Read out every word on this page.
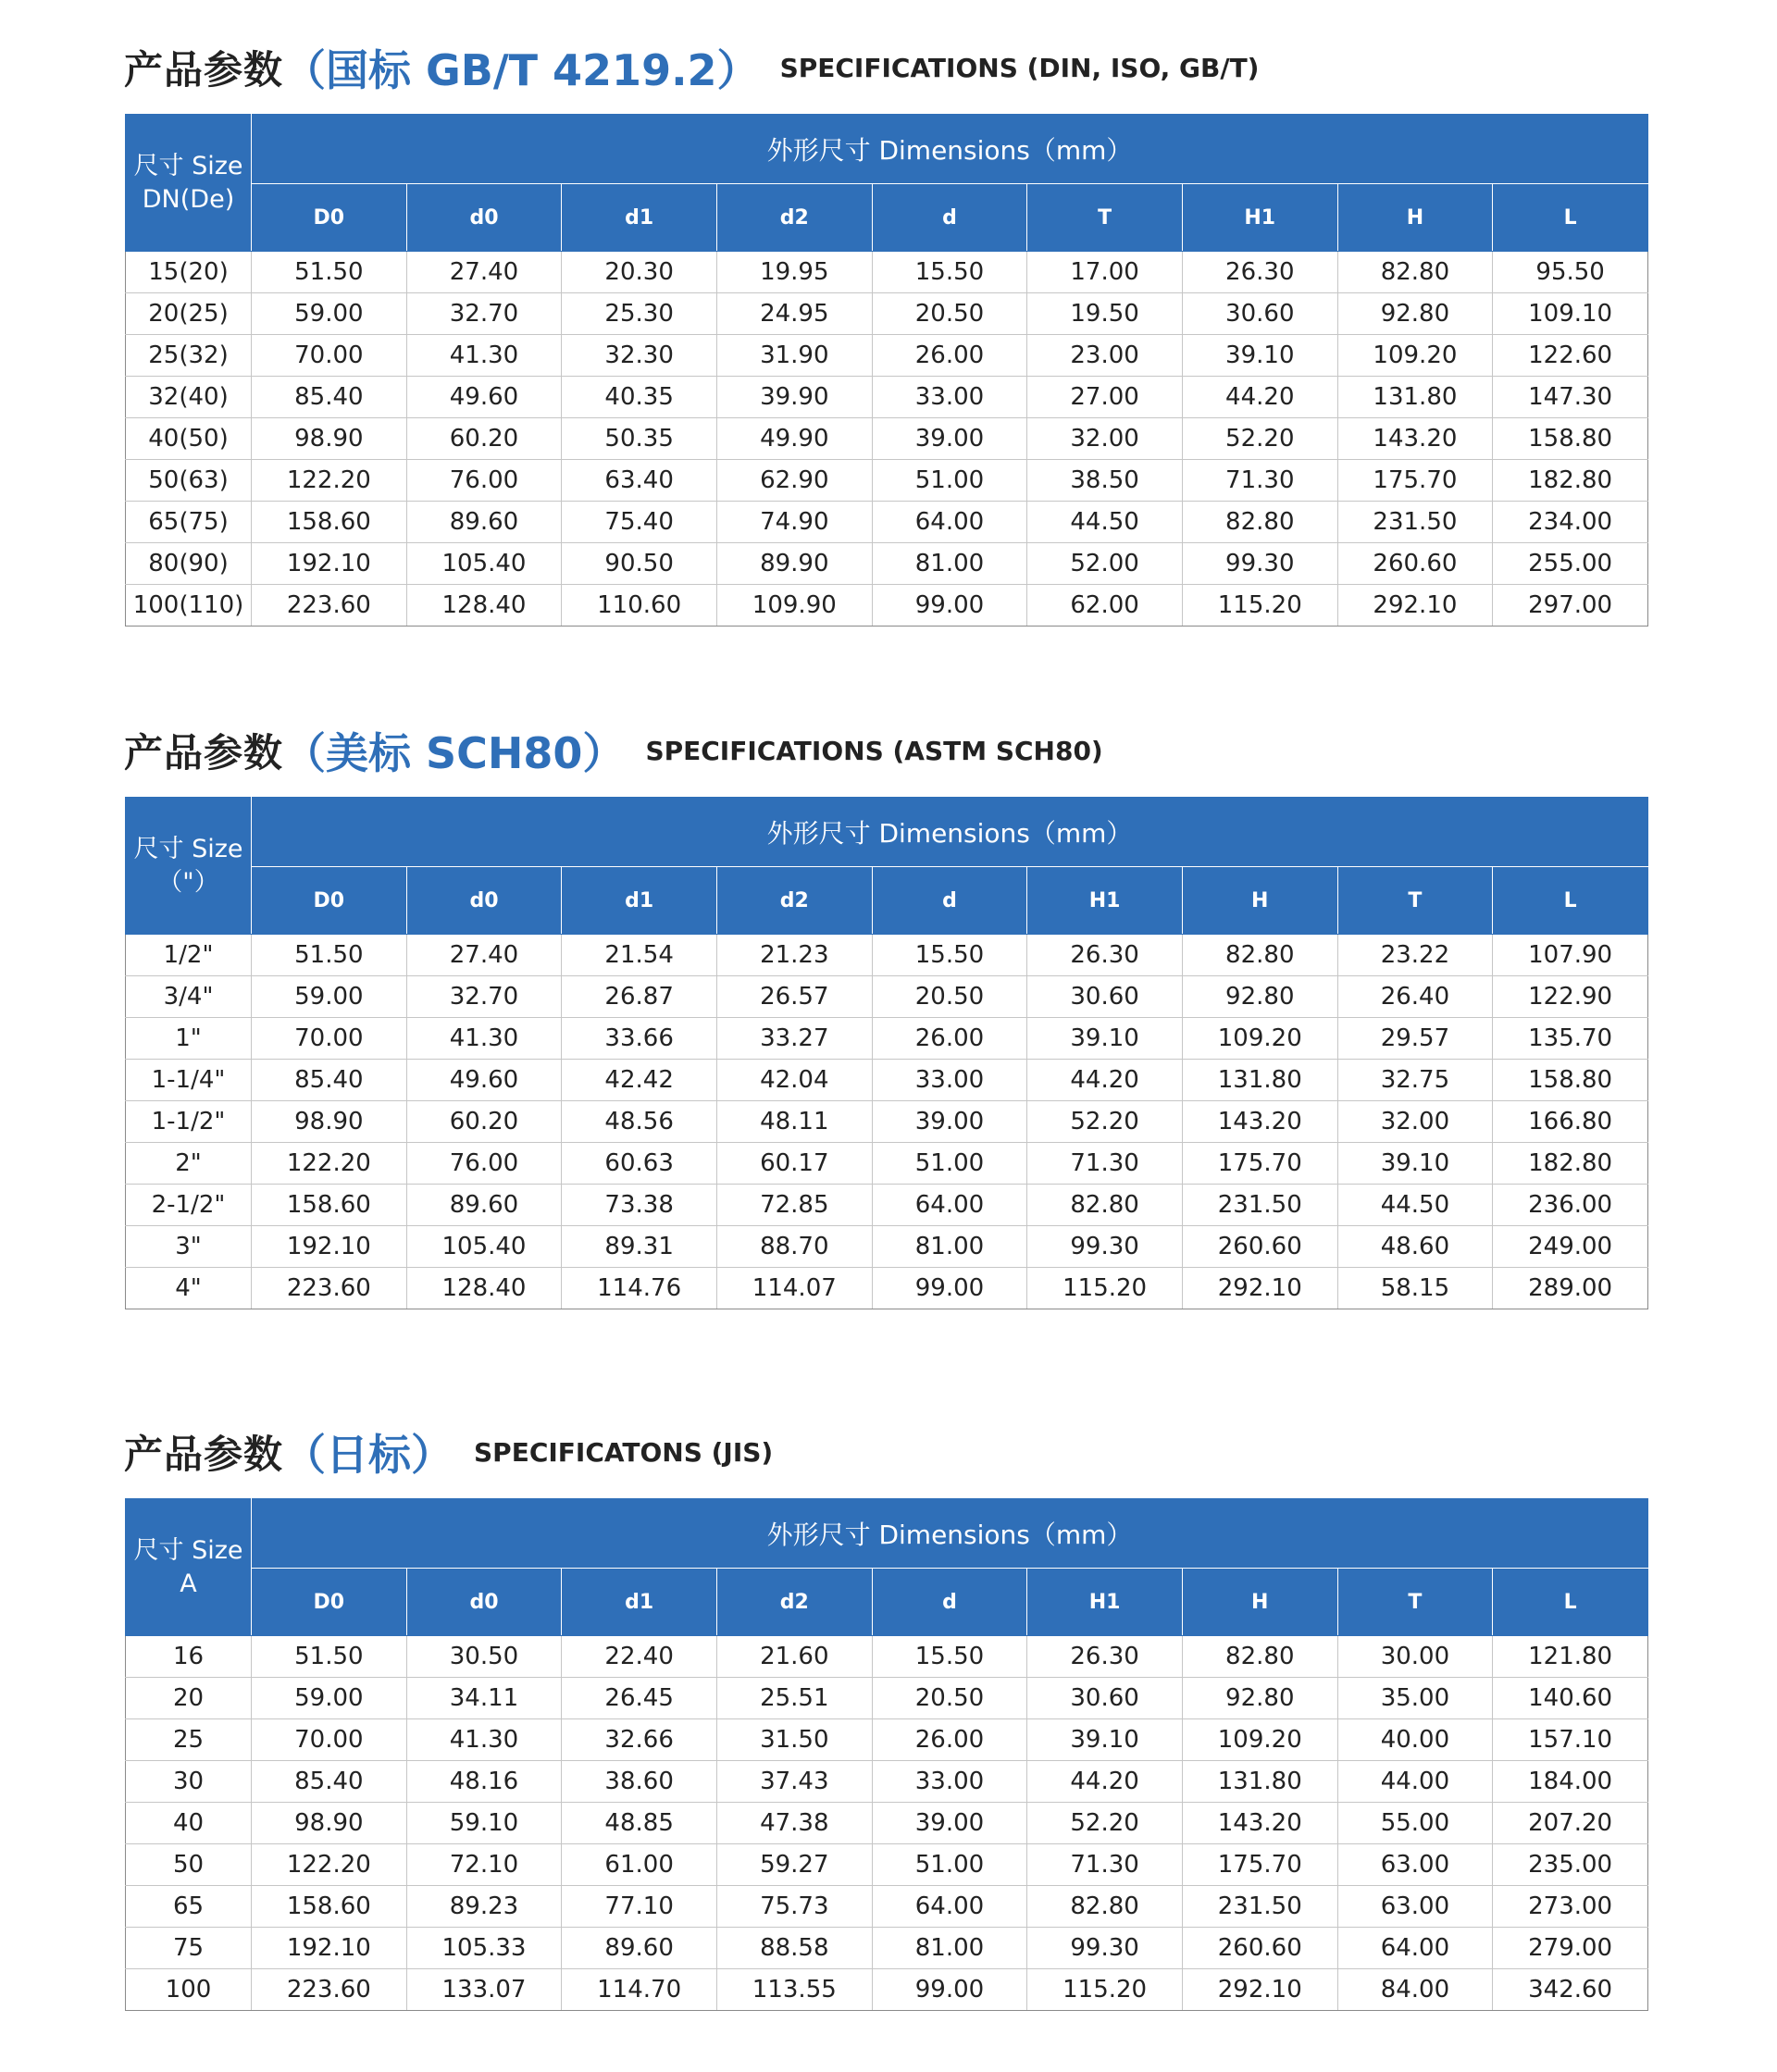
产品参数（国标 GB/T 4219.2） SPECIFICATIONS (DIN, ISO, GB/T)
尺寸 Size
DN(De)	外形尺寸 Dimensions（mm）								
	D0	d0	d1	d2	d	T	H1	H	L
15(20)	51.50	27.40	20.30	19.95	15.50	17.00	26.30	82.80	95.50
20(25)	59.00	32.70	25.30	24.95	20.50	19.50	30.60	92.80	109.10
25(32)	70.00	41.30	32.30	31.90	26.00	23.00	39.10	109.20	122.60
32(40)	85.40	49.60	40.35	39.90	33.00	27.00	44.20	131.80	147.30
40(50)	98.90	60.20	50.35	49.90	39.00	32.00	52.20	143.20	158.80
50(63)	122.20	76.00	63.40	62.90	51.00	38.50	71.30	175.70	182.80
65(75)	158.60	89.60	75.40	74.90	64.00	44.50	82.80	231.50	234.00
80(90)	192.10	105.40	90.50	89.90	81.00	52.00	99.30	260.60	255.00
100(110)	223.60	128.40	110.60	109.90	99.00	62.00	115.20	292.10	297.00
产品参数（美标 SCH80） SPECIFICATIONS (ASTM SCH80)
尺寸 Size
（"）	外形尺寸 Dimensions（mm）								
	D0	d0	d1	d2	d	H1	H	T	L
1/2"	51.50	27.40	21.54	21.23	15.50	26.30	82.80	23.22	107.90
3/4"	59.00	32.70	26.87	26.57	20.50	30.60	92.80	26.40	122.90
1"	70.00	41.30	33.66	33.27	26.00	39.10	109.20	29.57	135.70
1-1/4"	85.40	49.60	42.42	42.04	33.00	44.20	131.80	32.75	158.80
1-1/2"	98.90	60.20	48.56	48.11	39.00	52.20	143.20	32.00	166.80
2"	122.20	76.00	60.63	60.17	51.00	71.30	175.70	39.10	182.80
2-1/2"	158.60	89.60	73.38	72.85	64.00	82.80	231.50	44.50	236.00
3"	192.10	105.40	89.31	88.70	81.00	99.30	260.60	48.60	249.00
4"	223.60	128.40	114.76	114.07	99.00	115.20	292.10	58.15	289.00
产品参数（日标） SPECIFICATONS (JIS)
尺寸 Size
A	外形尺寸 Dimensions（mm）								
	D0	d0	d1	d2	d	H1	H	T	L
16	51.50	30.50	22.40	21.60	15.50	26.30	82.80	30.00	121.80
20	59.00	34.11	26.45	25.51	20.50	30.60	92.80	35.00	140.60
25	70.00	41.30	32.66	31.50	26.00	39.10	109.20	40.00	157.10
30	85.40	48.16	38.60	37.43	33.00	44.20	131.80	44.00	184.00
40	98.90	59.10	48.85	47.38	39.00	52.20	143.20	55.00	207.20
50	122.20	72.10	61.00	59.27	51.00	71.30	175.70	63.00	235.00
65	158.60	89.23	77.10	75.73	64.00	82.80	231.50	63.00	273.00
75	192.10	105.33	89.60	88.58	81.00	99.30	260.60	64.00	279.00
100	223.60	133.07	114.70	113.55	99.00	115.20	292.10	84.00	342.60
